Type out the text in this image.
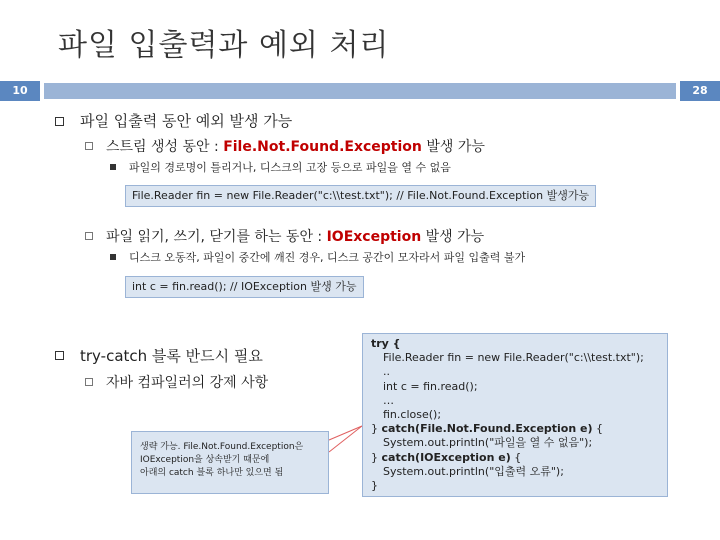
파일 입출력과 예외 처리
10	28
파일 입출력 동안 예외 발생 가능
스트림 생성 동안 : File.Not.Found.Exception 발생 가능
파일의 경로명이 틀리거나, 디스크의 고장 등으로 파일을 열 수 없음
File.Reader fin = new File.Reader("c:\\test.txt"); // File.Not.Found.Exception 발생가능
파일 읽기, 쓰기, 닫기를 하는 동안 : IOException 발생 가능
디스크 오동작, 파일이 중간에 깨진 경우, 디스크 공간이 모자라서 파일 입출력 불가
int c = fin.read(); // IOException 발생 가능
try-catch 블록 반드시 필요
자바 컴파일러의 강제 사항
생략 가능. File.Not.Found.Exception은
IOException을 상속받기 때문에
아래의 catch 블록 하나만 있으면 됨
try {
File.Reader fin = new File.Reader("c:\\test.txt");
..
int c = fin.read();
…
fin.close();
} catch(File.Not.Found.Exception e) {
System.out.println("파일을 열 수 없음");
} catch(IOException e) {
System.out.println("입출력 오류");
}
